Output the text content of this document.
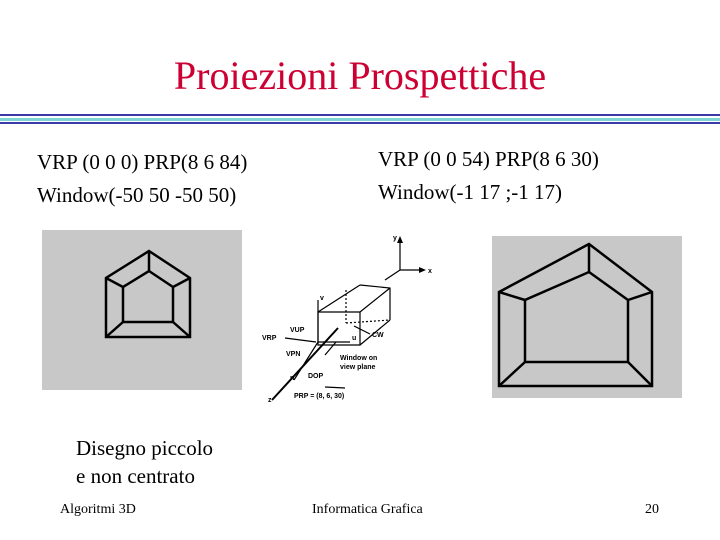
Proiezioni Prospettiche
VRP (0 0 0) PRP(8 6 84)
Window(-50 50 -50 50)
VRP (0 0 54) PRP(8 6 30)
Window(-1 17 ;-1 17)
y
x
z
v
u
n
VRP
VUP
VPN
CW
DOP
Window on
view plane
PRP = (8, 6, 30)
Disegno piccolo
e non centrato
Algoritmi 3D	Informatica Grafica	20
